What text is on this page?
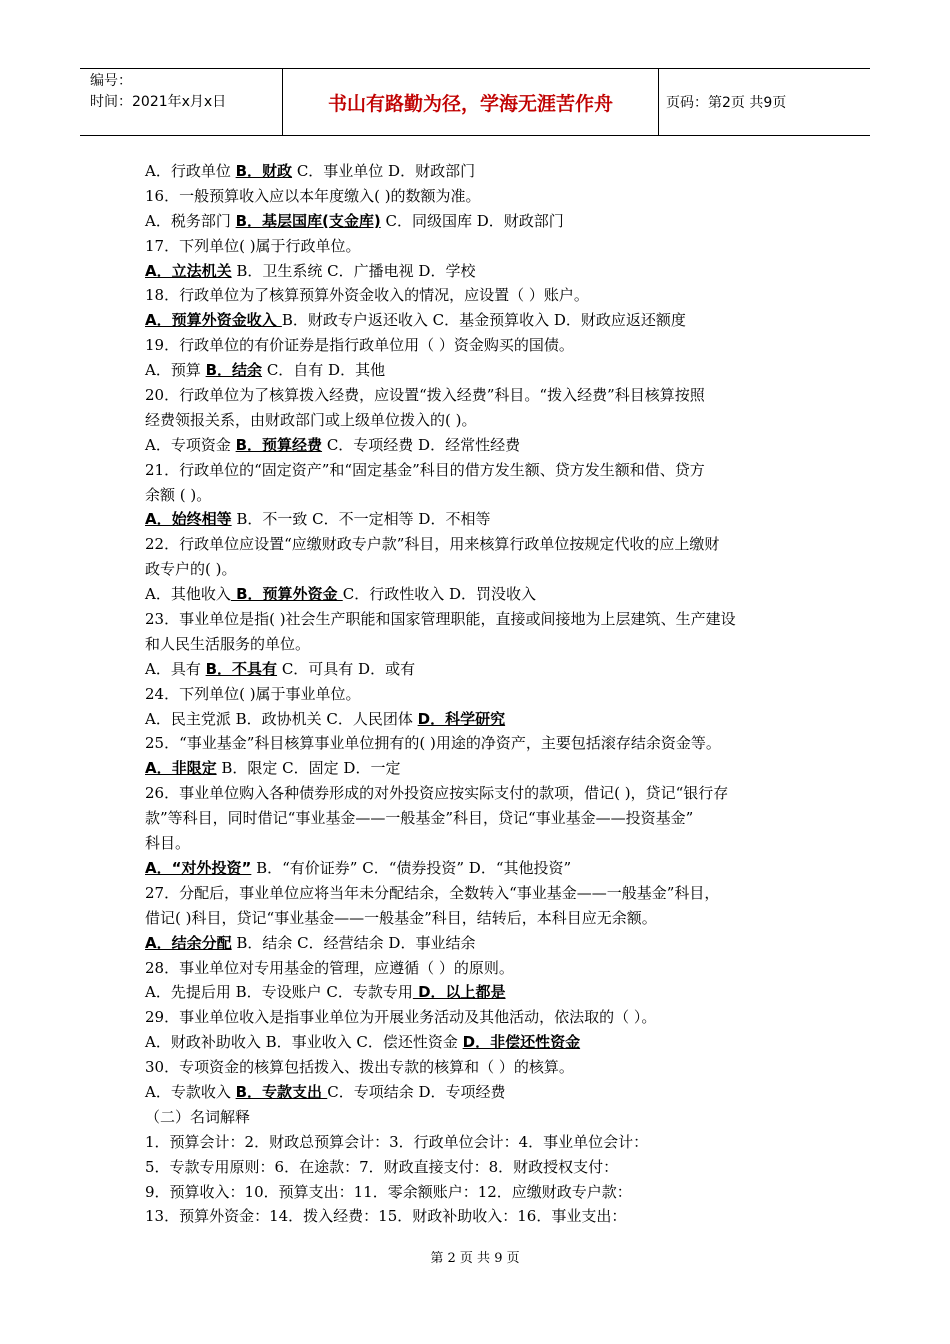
编号：
时间：2021年x月x日	书山有路勤为径，学海无涯苦作舟	页码：第2页 共9页
A．行政单位 B．财政 C．事业单位 D．财政部门
16．一般预算收入应以本年度缴入( )的数额为准。
A．税务部门 B．基层国库(支金库) C．同级国库 D．财政部门
17．下列单位( )属于行政单位。
A．立法机关 B．卫生系统 C．广播电视 D．学校
18．行政单位为了核算预算外资金收入的情况，应设置（ ）账户。
A．预算外资金收入 B．财政专户返还收入 C．基金预算收入 D．财政应返还额度
19．行政单位的有价证券是指行政单位用（ ）资金购买的国债。
A．预算 B．结余 C．自有 D．其他
20．行政单位为了核算拨入经费，应设置“拨入经费”科目。“拨入经费”科目核算按照
经费领报关系，由财政部门或上级单位拨入的( )。
A．专项资金 B．预算经费 C．专项经费 D．经常性经费
21．行政单位的“固定资产”和“固定基金”科目的借方发生额、贷方发生额和借、贷方
余额 ( )。
A．始终相等 B．不一致 C．不一定相等 D．不相等
22．行政单位应设置“应缴财政专户款”科目，用来核算行政单位按规定代收的应上缴财
政专户的( )。
A．其他收入 B．预算外资金 C．行政性收入 D．罚没收入
23．事业单位是指( )社会生产职能和国家管理职能，直接或间接地为上层建筑、生产建设
和人民生活服务的单位。
A．具有 B．不具有 C．可具有 D．或有
24．下列单位( )属于事业单位。
A．民主党派 B．政协机关 C．人民团体 D．科学研究
25．“事业基金”科目核算事业单位拥有的( )用途的净资产，主要包括滚存结余资金等。
A．非限定 B．限定 C．固定 D．一定
26．事业单位购入各种债券形成的对外投资应按实际支付的款项，借记( )，贷记“银行存
款”等科目，同时借记“事业基金——一般基金”科目，贷记“事业基金——投资基金”
科目。
A．“对外投资” B．“有价证券” C．“债券投资” D．“其他投资”
27．分配后，事业单位应将当年未分配结余，全数转入“事业基金——一般基金”科目，
借记( )科目，贷记“事业基金——一般基金”科目，结转后，本科目应无余额。
A．结余分配 B．结余 C．经营结余 D．事业结余
28．事业单位对专用基金的管理，应遵循（ ）的原则。
A．先提后用 B．专设账户 C．专款专用 D．以上都是
29．事业单位收入是指事业单位为开展业务活动及其他活动，依法取的（ ）。
A．财政补助收入 B．事业收入 C．偿还性资金 D．非偿还性资金
30．专项资金的核算包括拨入、拨出专款的核算和（ ）的核算。
A．专款收入 B．专款支出 C．专项结余 D．专项经费
（二）名词解释
1．预算会计：2．财政总预算会计：3．行政单位会计：4．事业单位会计：
5．专款专用原则：6．在途款：7．财政直接支付：8．财政授权支付：
9．预算收入：10．预算支出：11．零余额账户：12．应缴财政专户款：
13．预算外资金：14．拨入经费：15．财政补助收入：16．事业支出：
第 2 页 共 9 页
